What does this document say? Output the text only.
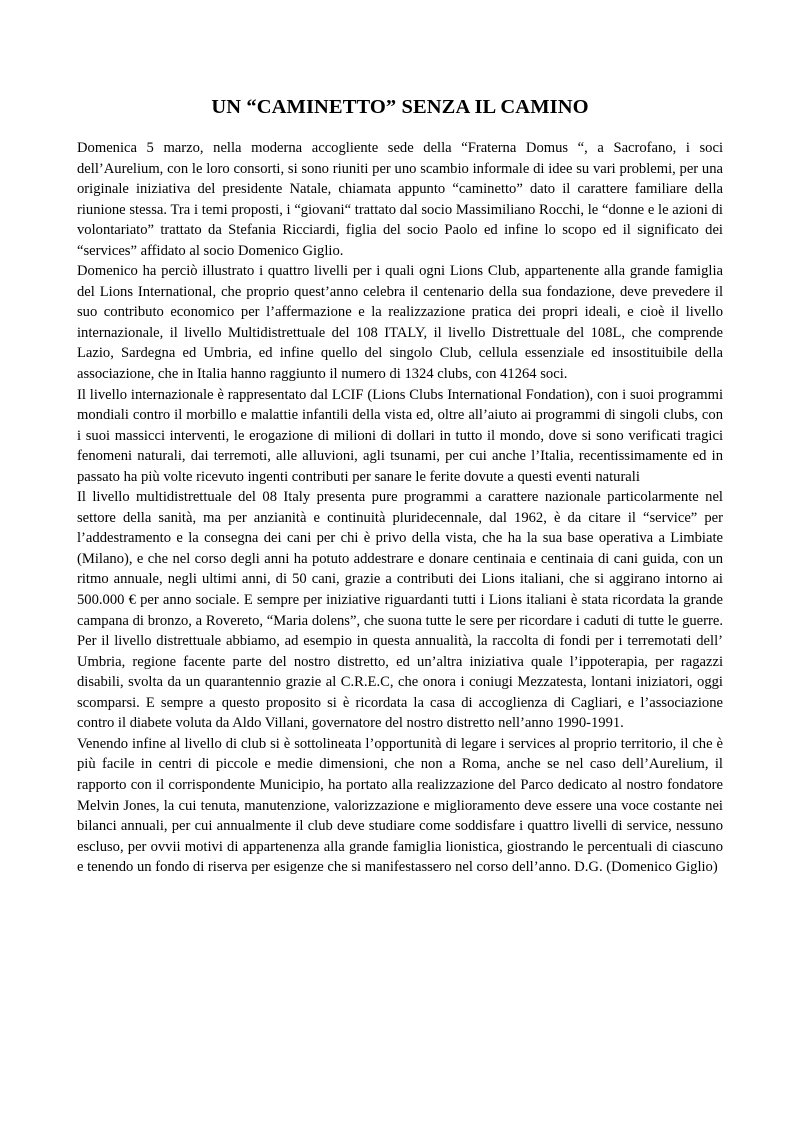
UN “CAMINETTO” SENZA IL CAMINO

Domenica 5 marzo, nella moderna accogliente sede della “Fraterna Domus “, a Sacrofano, i soci dell’Aurelium, con le loro consorti, si sono riuniti per uno scambio informale di idee su vari problemi, per una originale iniziativa del presidente Natale, chiamata appunto “caminetto” dato il carattere familiare della riunione stessa. Tra i temi proposti, i “giovani“ trattato dal socio Massimiliano Rocchi, le “donne e le azioni di volontariato” trattato da Stefania Ricciardi, figlia del socio Paolo ed infine lo scopo ed il significato dei “services” affidato al socio Domenico Giglio.

Domenico ha perciò illustrato i quattro livelli per i quali ogni Lions Club, appartenente alla grande famiglia del Lions International, che proprio quest’anno celebra il centenario della sua fondazione, deve prevedere il suo contributo economico per l’affermazione e la realizzazione pratica dei propri ideali, e cioè il livello internazionale, il livello Multidistrettuale del 108 ITALY, il livello Distrettuale del 108L, che comprende Lazio, Sardegna ed Umbria, ed infine quello del singolo Club, cellula essenziale ed insostituibile della associazione, che in Italia hanno raggiunto il numero di 1324 clubs, con 41264 soci.

Il livello internazionale è rappresentato dal LCIF (Lions Clubs International Fondation), con i suoi programmi mondiali contro il morbillo e malattie infantili della vista ed, oltre all’aiuto ai programmi di singoli clubs, con i suoi massicci interventi, le erogazione di milioni di dollari in tutto il mondo, dove si sono verificati tragici fenomeni naturali, dai terremoti, alle alluvioni, agli tsunami, per cui anche l’Italia, recentissimamente ed in passato ha più volte ricevuto ingenti contributi per sanare le ferite dovute a questi eventi naturali

Il livello multidistrettuale del 08 Italy presenta pure programmi a carattere nazionale particolarmente nel settore della sanità, ma per anzianità e continuità pluridecennale, dal 1962, è da citare il “service” per l’addestramento e la consegna dei cani per chi è privo della vista, che ha la sua base operativa a Limbiate (Milano), e che nel corso degli anni ha potuto addestrare e donare centinaia e centinaia di cani guida, con un ritmo annuale, negli ultimi anni, di 50 cani, grazie a contributi dei Lions italiani, che si aggirano intorno ai 500.000 € per anno sociale. E sempre per iniziative riguardanti tutti i Lions italiani è stata ricordata la grande campana di bronzo, a Rovereto, “Maria dolens”, che suona tutte le sere per ricordare i caduti di tutte le guerre. Per il livello distrettuale abbiamo, ad esempio in questa annualità, la raccolta di fondi per i terremotati dell’ Umbria, regione facente parte del nostro distretto, ed un’altra iniziativa quale l’ippoterapia, per ragazzi disabili, svolta da un quarantennio grazie al C.R.E.C, che onora i coniugi Mezzatesta, lontani iniziatori, oggi scomparsi. E sempre a questo proposito si è ricordata la casa di accoglienza di Cagliari, e l’associazione contro il diabete voluta da Aldo Villani, governatore del nostro distretto nell’anno 1990-1991.

Venendo infine al livello di club si è sottolineata l’opportunità di legare i services al proprio territorio, il che è più facile in centri di piccole e medie dimensioni, che non a Roma, anche se nel caso dell’Aurelium, il rapporto con il corrispondente Municipio, ha portato alla realizzazione del Parco dedicato al nostro fondatore Melvin Jones, la cui tenuta, manutenzione, valorizzazione e miglioramento deve essere una voce costante nei bilanci annuali, per cui annualmente il club deve studiare come soddisfare i quattro livelli di service, nessuno escluso, per ovvii motivi di appartenenza alla grande famiglia lionistica, giostrando le percentuali di ciascuno e tenendo un fondo di riserva per esigenze che si manifestassero nel corso dell’anno. D.G. (Domenico Giglio)
